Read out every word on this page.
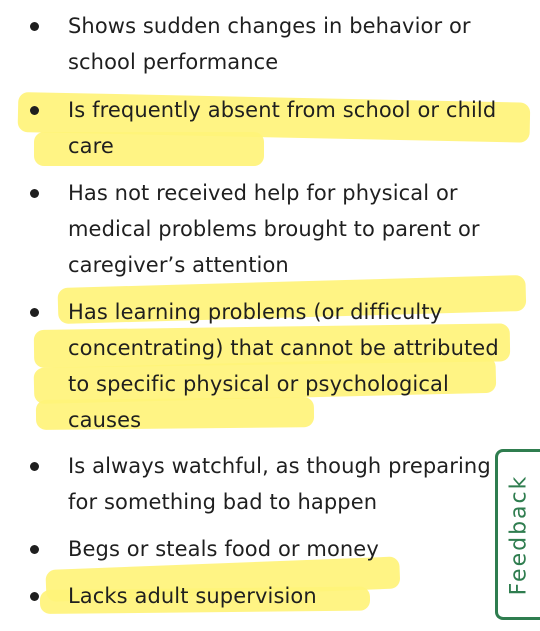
Shows sudden changes in behavior or
school performance
Is frequently absent from school or child
care
Has not received help for physical or
medical problems brought to parent or
caregiver’s attention
Has learning problems (or difficulty
concentrating) that cannot be attributed
to specific physical or psychological
causes
Is always watchful, as though preparing
for something bad to happen
Begs or steals food or money
Lacks adult supervision
Feedback
